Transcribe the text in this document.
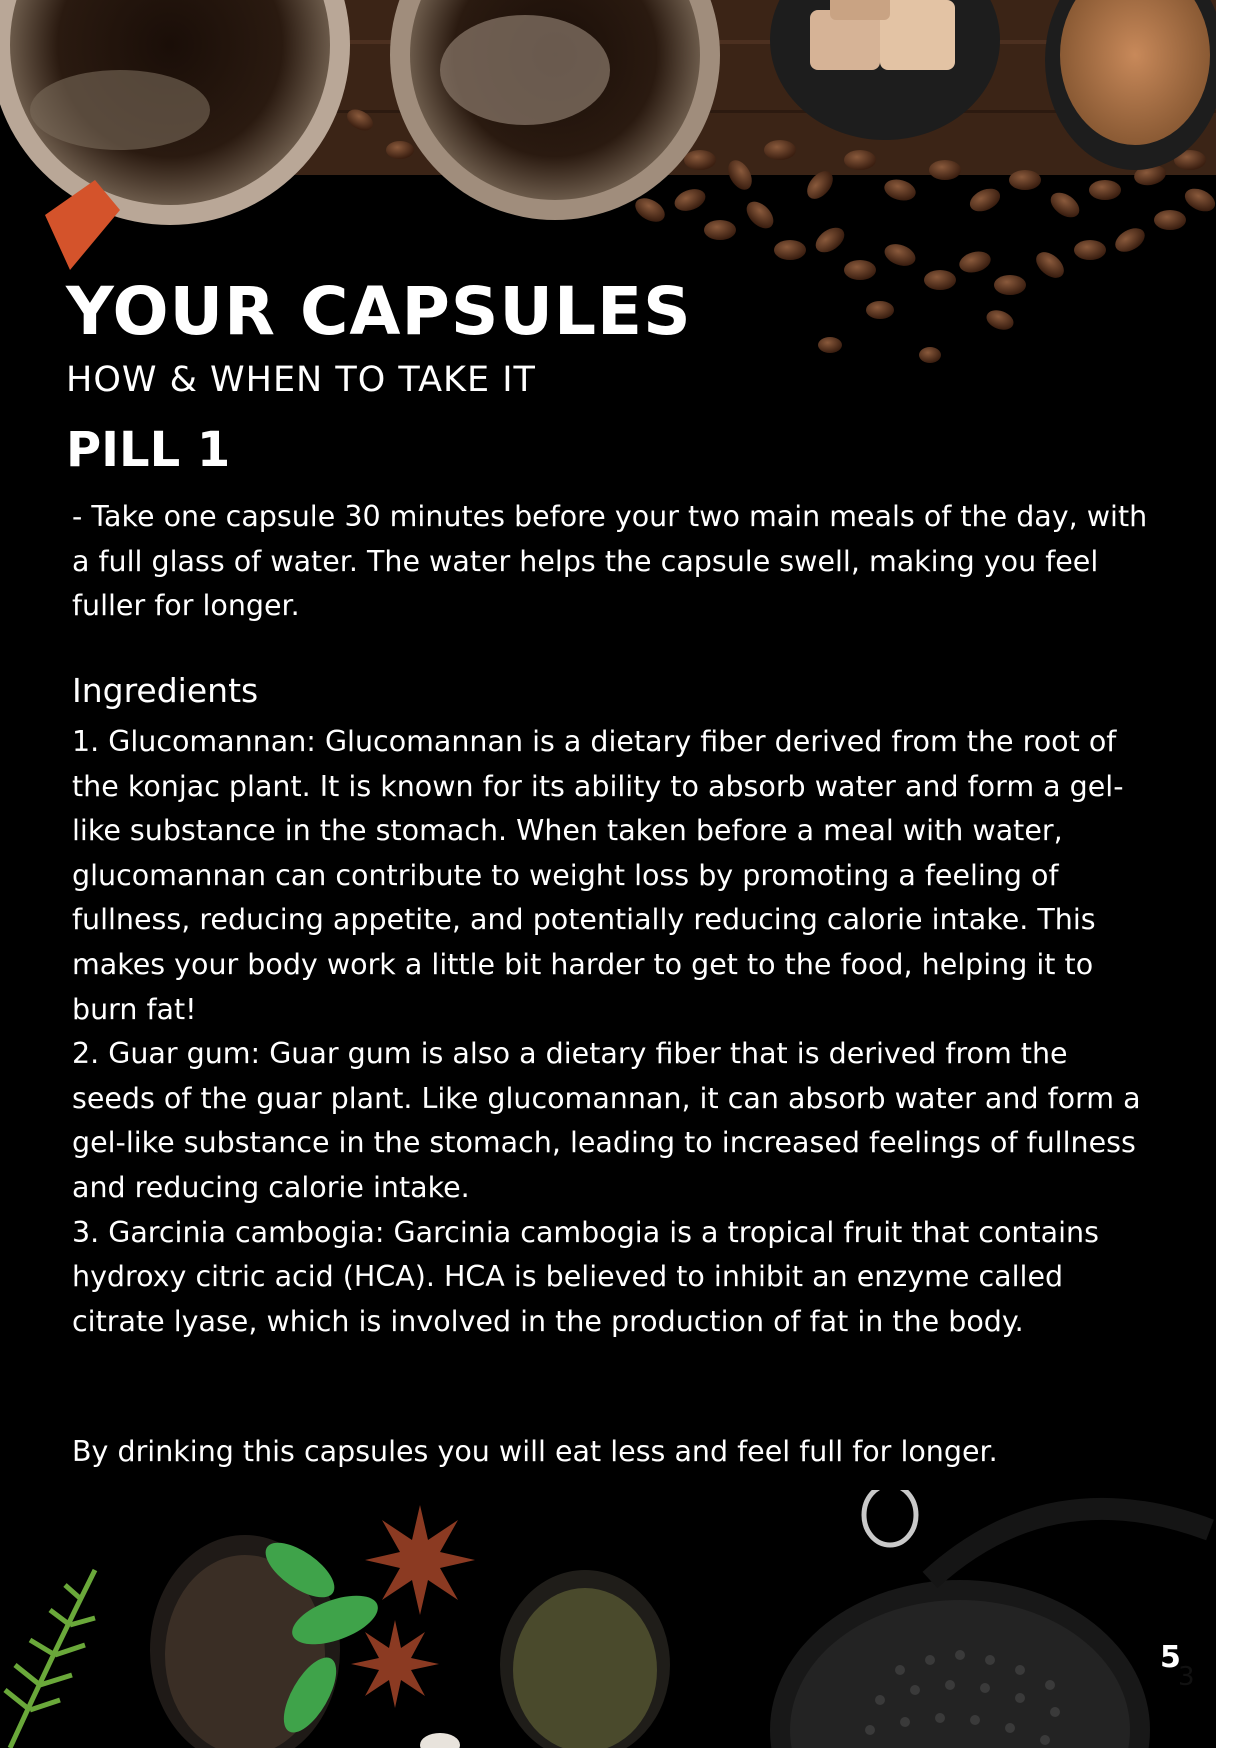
YOUR CAPSULES
HOW & WHEN TO TAKE IT
PILL 1

- Take one capsule 30 minutes before your two main meals of the day, with a full glass of water. The water helps the capsule swell, making you feel fuller for longer.

Ingredients

1. Glucomannan: Glucomannan is a dietary fiber derived from the root of the konjac plant. It is known for its ability to absorb water and form a gel-like substance in the stomach. When taken before a meal with water, glucomannan can contribute to weight loss by promoting a feeling of fullness, reducing appetite, and potentially reducing calorie intake. This makes your body work a little bit harder to get to the food, helping it to burn fat!

2. Guar gum: Guar gum is also a dietary fiber that is derived from the seeds of the guar plant. Like glucomannan, it can absorb water and form a gel-like substance in the stomach, leading to increased feelings of fullness and reducing calorie intake.

3. Garcinia cambogia: Garcinia cambogia is a tropical fruit that contains hydroxy citric acid (HCA). HCA is believed to inhibit an enzyme called citrate lyase, which is involved in the production of fat in the body.

By drinking this capsules you will eat less and feel full for longer.

5
3
